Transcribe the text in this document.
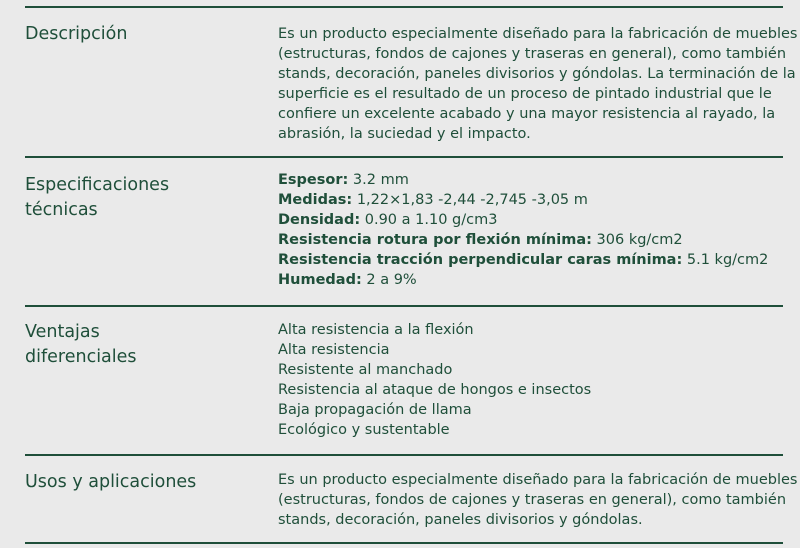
Descripción	Es un producto especialmente diseñado para la fabricación de muebles
(estructuras, fondos de cajones y traseras en general), como también
stands, decoración, paneles divisorios y góndolas. La terminación de la
superficie es el resultado de un proceso de pintado industrial que le
confiere un excelente acabado y una mayor resistencia al rayado, la
abrasión, la suciedad y el impacto.
Especificaciones
técnicas
Espesor: 3.2 mm
Medidas: 1,22×1,83 -2,44 -2,745 -3,05 m
Densidad: 0.90 a 1.10 g/cm3
Resistencia rotura por flexión mínima: 306 kg/cm2
Resistencia tracción perpendicular caras mínima: 5.1 kg/cm2
Humedad: 2 a 9%
Ventajas
diferenciales
Alta resistencia a la flexión
Alta resistencia
Resistente al manchado
Resistencia al ataque de hongos e insectos
Baja propagación de llama
Ecológico y sustentable
Usos y aplicaciones	Es un producto especialmente diseñado para la fabricación de muebles
(estructuras, fondos de cajones y traseras en general), como también
stands, decoración, paneles divisorios y góndolas.
